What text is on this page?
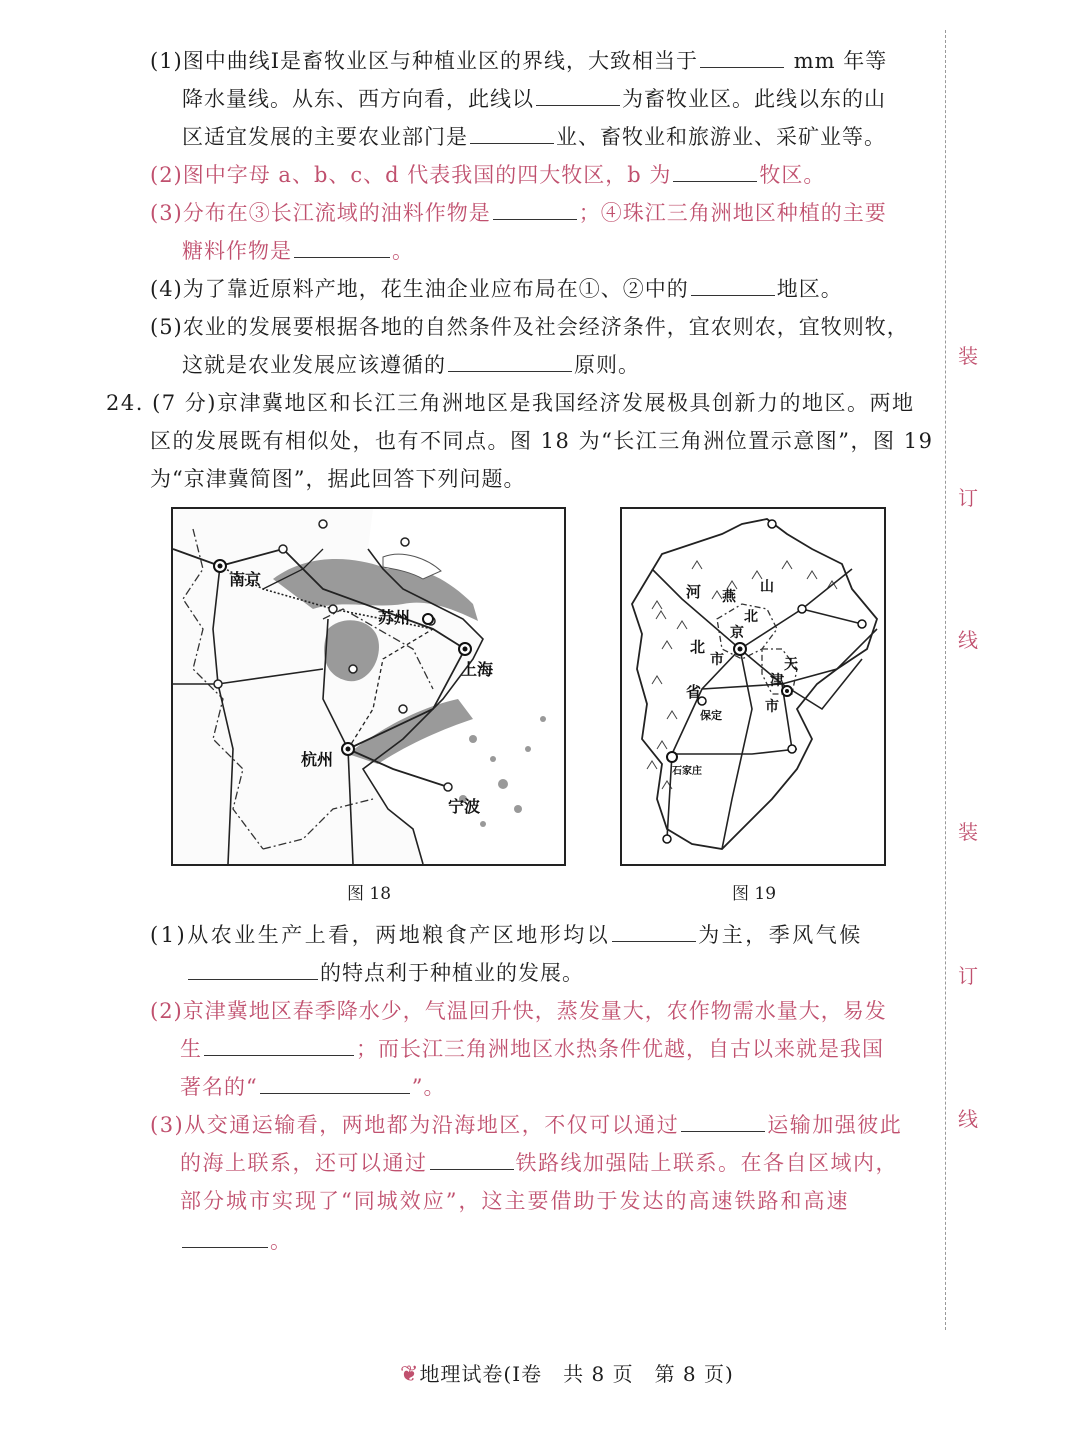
(1)图中曲线Ⅰ是畜牧业区与种植业区的界线，大致相当于	mm 年等
降水量线。从东、西方向看，此线以	为畜牧业区。此线以东的山
区适宜发展的主要农业部门是	业、畜牧业和旅游业、采矿业等。
(2)图中字母 a、b、c、d 代表我国的四大牧区，b 为	牧区。
(3)分布在③长江流域的油料作物是	；④珠江三角洲地区种植的主要
糖料作物是	。
(4)为了靠近原料产地，花生油企业应布局在①、②中的	地区。
(5)农业的发展要根据各地的自然条件及社会经济条件，宜农则农，宜牧则牧，
这就是农业发展应该遵循的	原则。
24. (7 分)京津冀地区和长江三角洲地区是我国经济发展极具创新力的地区。两地
区的发展既有相似处，也有不同点。图 18 为“长江三角洲位置示意图”，图 19
为“京津冀简图”，据此回答下列问题。
南京
苏州
上海
杭州
宁波
图 18
河
北
省
燕
山
北
京
市	天
津
市
保定
石家庄
图 19
(1)从农业生产上看，两地粮食产区地形均以	为主，季风气候
的特点利于种植业的发展。
(2)京津冀地区春季降水少，气温回升快，蒸发量大，农作物需水量大，易发
生	；而长江三角洲地区水热条件优越，自古以来就是我国
著名的“	”。
(3)从交通运输看，两地都为沿海地区，不仅可以通过	运输加强彼此
的海上联系，还可以通过	铁路线加强陆上联系。在各自区域内，
部分城市实现了“同城效应”，这主要借助于发达的高速铁路和高速
。
装
订
线
装
订
线
❦地理试卷(Ⅰ卷　共 8 页　第 8 页)
